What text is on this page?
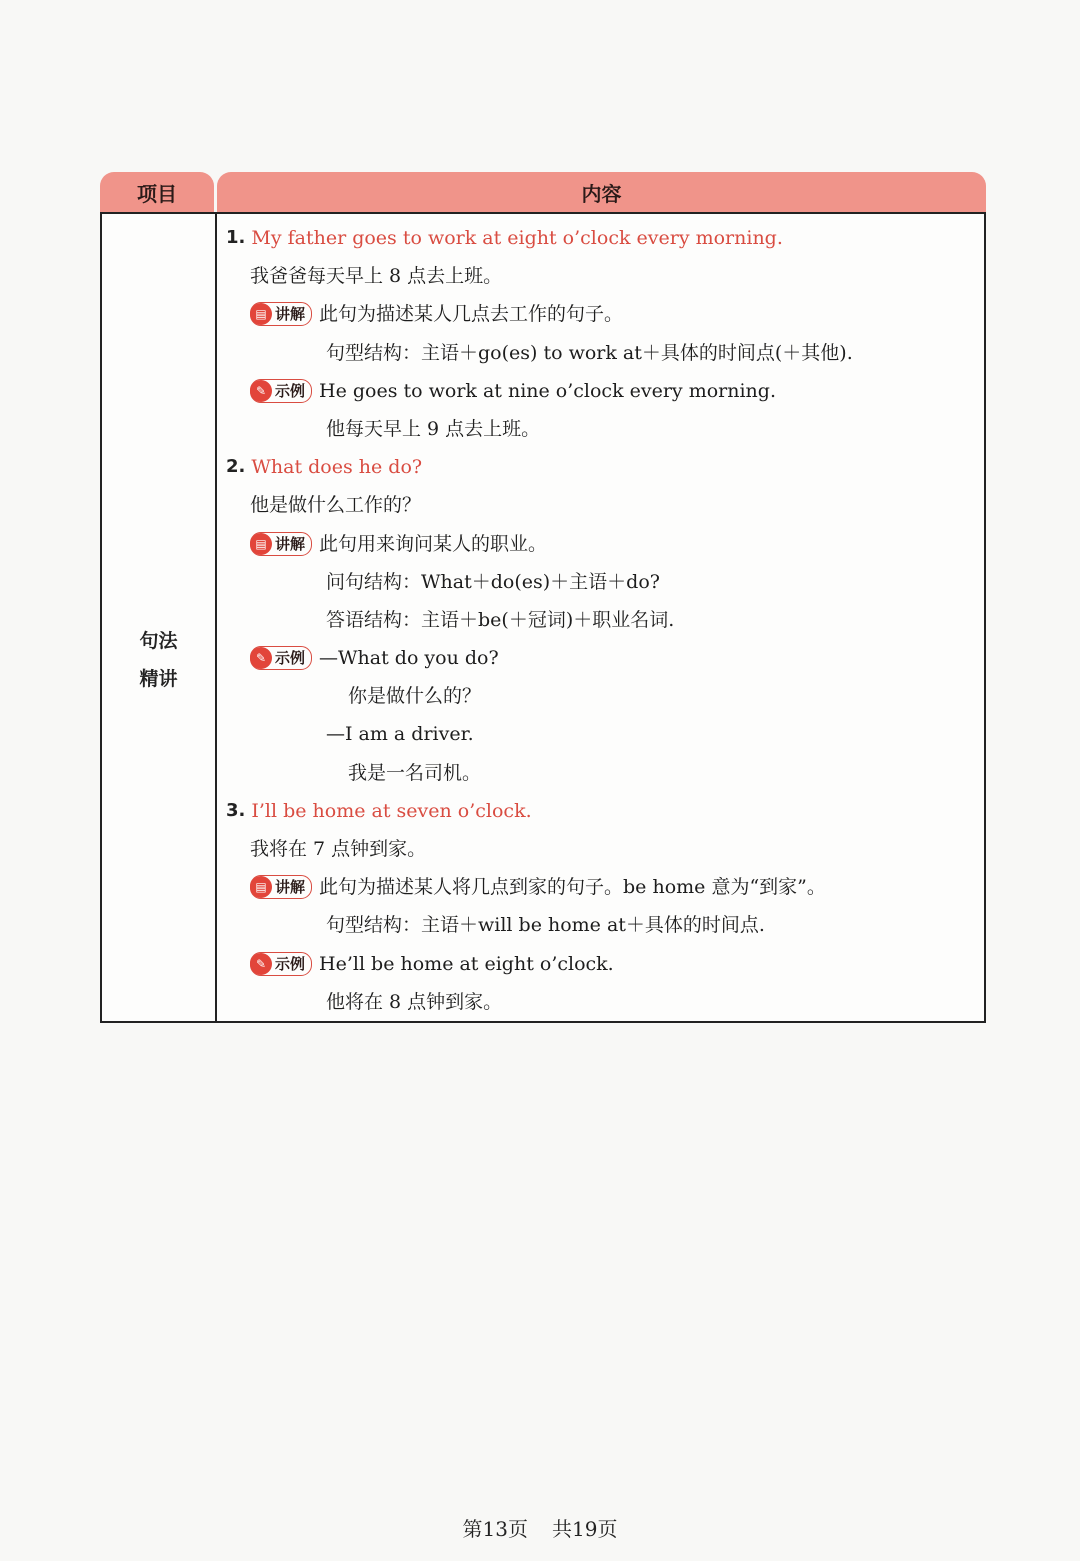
项目	内容
句法
精讲
1. My father goes to work at eight o’clock every morning.
我爸爸每天早上 8 点去上班。
▤ 讲解 此句为描述某人几点去工作的句子。
句型结构：主语＋go(es) to work at＋具体的时间点(＋其他).
✎ 示例 He goes to work at nine o’clock every morning.
他每天早上 9 点去上班。
2. What does he do?
他是做什么工作的？
▤ 讲解 此句用来询问某人的职业。
问句结构：What＋do(es)＋主语＋do?
答语结构：主语＋be(＋冠词)＋职业名词.
✎ 示例 —What do you do?
你是做什么的？
—I am a driver.
我是一名司机。
3. I’ll be home at seven o’clock.
我将在 7 点钟到家。
▤ 讲解 此句为描述某人将几点到家的句子。be home 意为“到家”。
句型结构：主语＋will be home at＋具体的时间点.
✎ 示例 He’ll be home at eight o’clock.
他将在 8 点钟到家。
第13页 共19页
